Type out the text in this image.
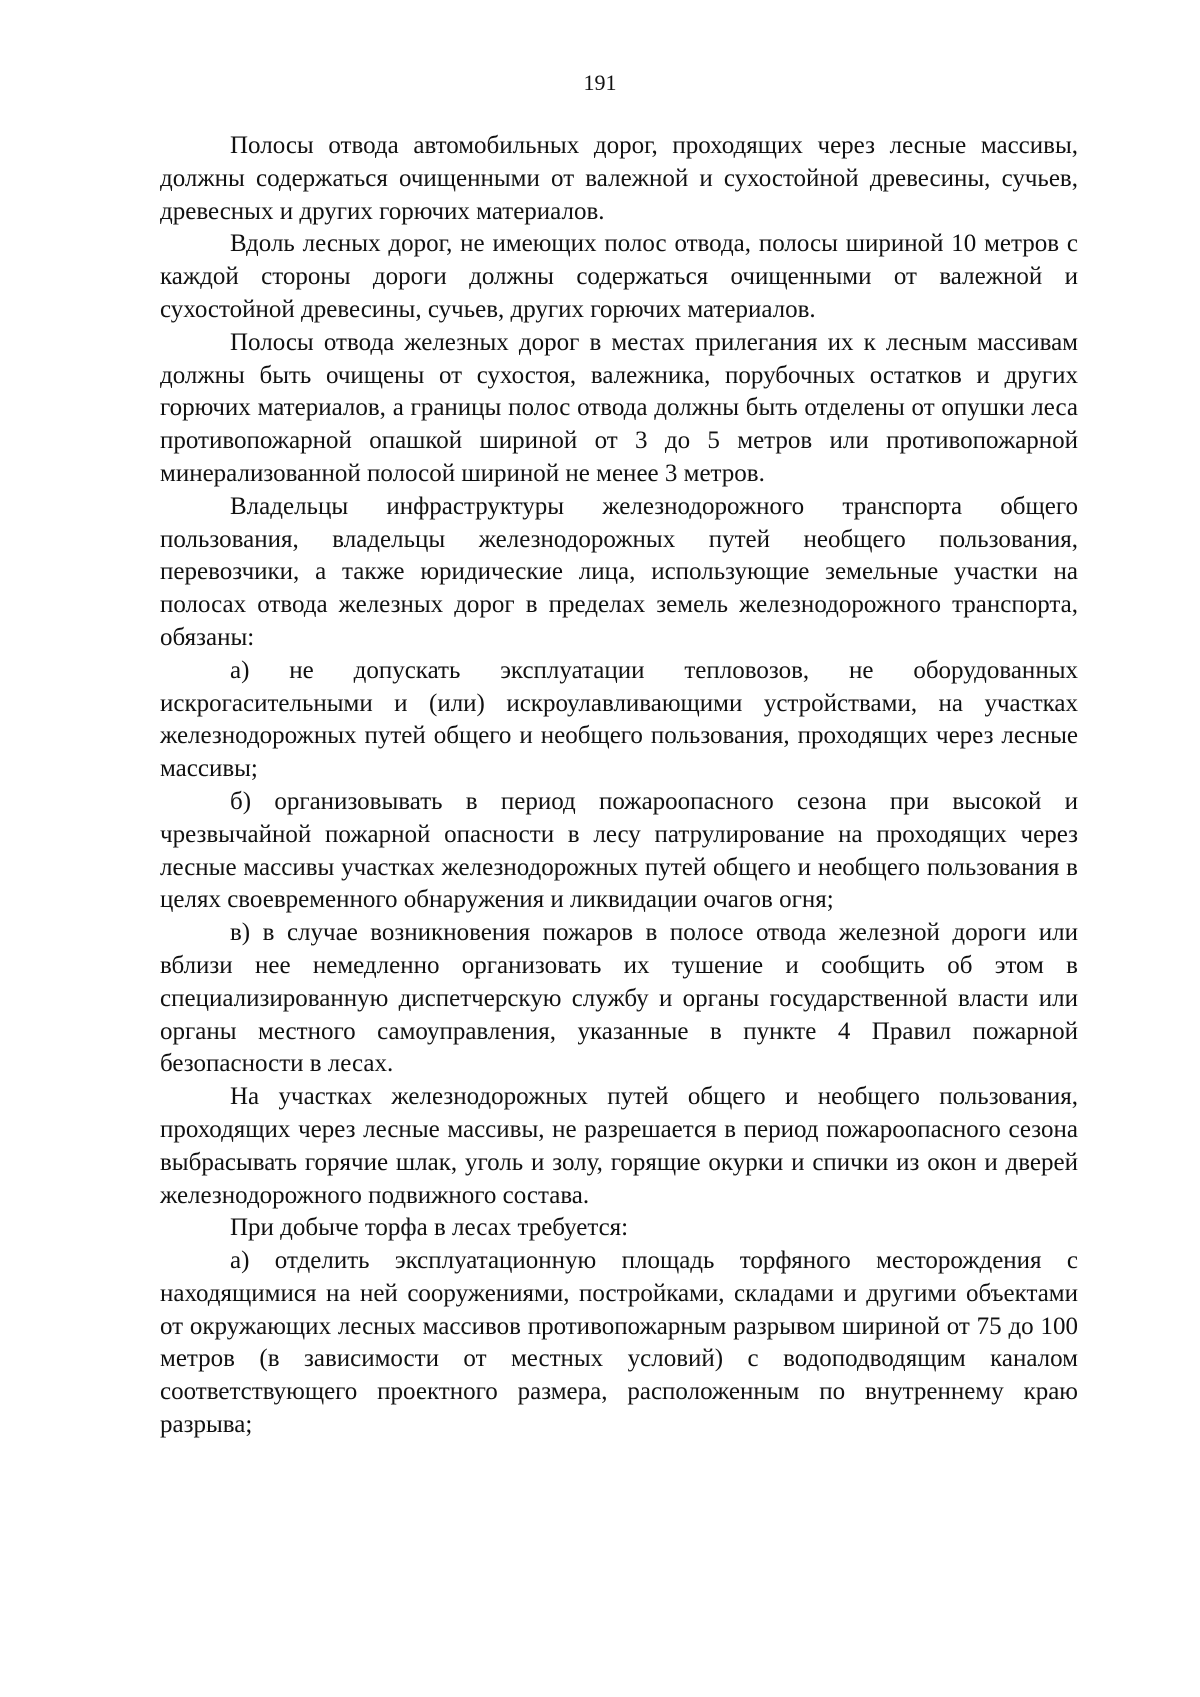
191

Полосы отвода автомобильных дорог, проходящих через лесные массивы, должны содержаться очищенными от валежной и сухостойной древесины, сучьев, древесных и других горючих материалов.

Вдоль лесных дорог, не имеющих полос отвода, полосы шириной 10 метров с каждой стороны дороги должны содержаться очищенными от валежной и сухостойной древесины, сучьев, других горючих материалов.

Полосы отвода железных дорог в местах прилегания их к лесным массивам должны быть очищены от сухостоя, валежника, порубочных остатков и других горючих материалов, а границы полос отвода должны быть отделены от опушки леса противопожарной опашкой шириной от 3 до 5 метров или противопожарной минерализованной полосой шириной не менее 3 метров.

Владельцы инфраструктуры железнодорожного транспорта общего пользования, владельцы железнодорожных путей необщего пользования, перевозчики, а также юридические лица, использующие земельные участки на полосах отвода железных дорог в пределах земель железнодорожного транспорта, обязаны:

а) не допускать эксплуатации тепловозов, не оборудованных искрогасительными и (или) искроулавливающими устройствами, на участках железнодорожных путей общего и необщего пользования, проходящих через лесные массивы;

б) организовывать в период пожароопасного сезона при высокой и чрезвычайной пожарной опасности в лесу патрулирование на проходящих через лесные массивы участках железнодорожных путей общего и необщего пользования в целях своевременного обнаружения и ликвидации очагов огня;

в) в случае возникновения пожаров в полосе отвода железной дороги или вблизи нее немедленно организовать их тушение и сообщить об этом в специализированную диспетчерскую службу и органы государственной власти или органы местного самоуправления, указанные в пункте 4 Правил пожарной безопасности в лесах.

На участках железнодорожных путей общего и необщего пользования, проходящих через лесные массивы, не разрешается в период пожароопасного сезона выбрасывать горячие шлак, уголь и золу, горящие окурки и спички из окон и дверей железнодорожного подвижного состава.

При добыче торфа в лесах требуется:

а) отделить эксплуатационную площадь торфяного месторождения с находящимися на ней сооружениями, постройками, складами и другими объектами от окружающих лесных массивов противопожарным разрывом шириной от 75 до 100 метров (в зависимости от местных условий) с водоподводящим каналом соответствующего проектного размера, расположенным по внутреннему краю разрыва;
